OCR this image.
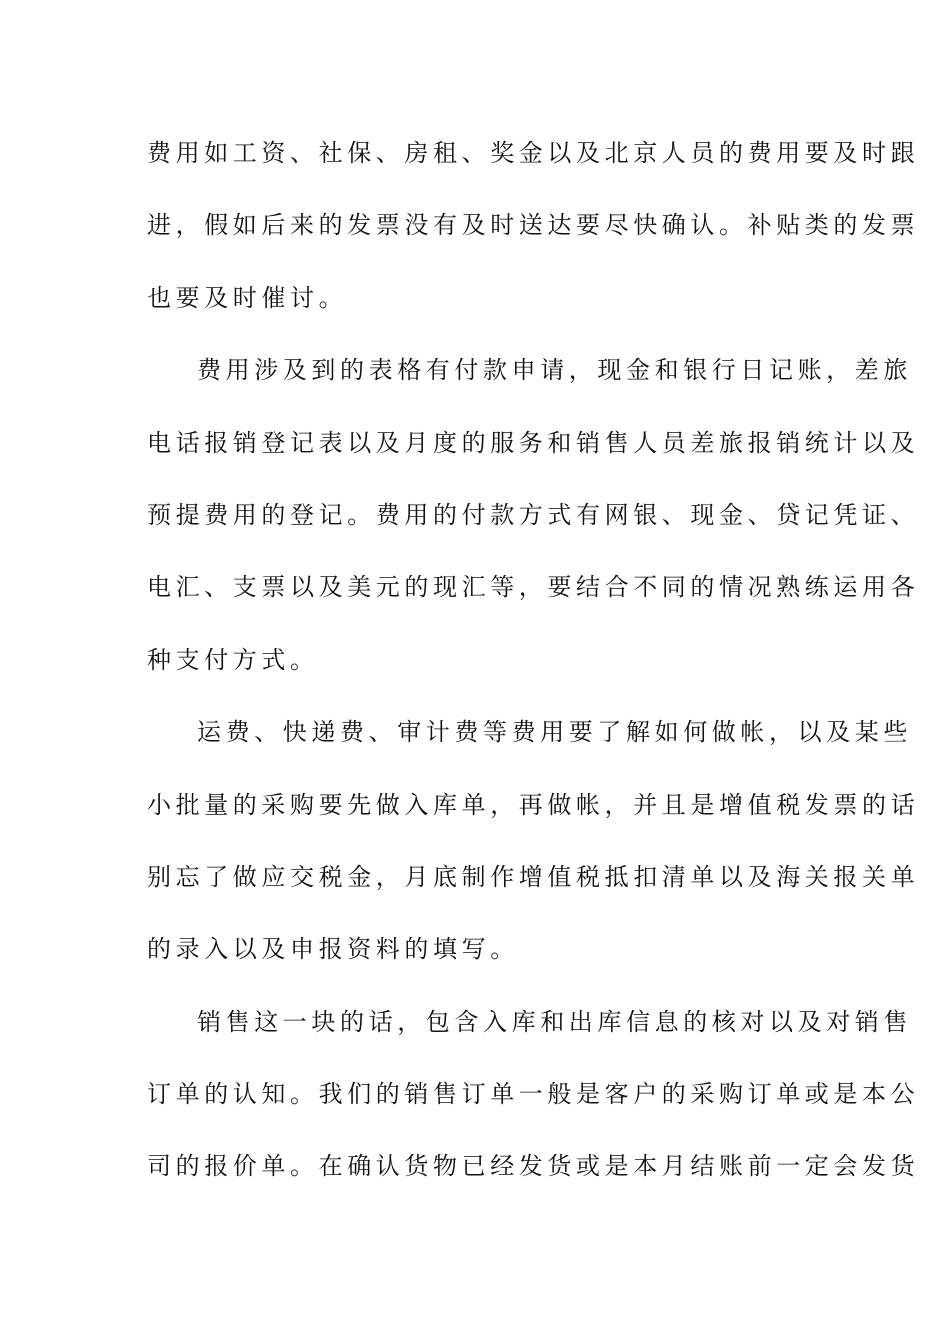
费用如工资、社保、房租、奖金以及北京人员的费用要及时跟
进，假如后来的发票没有及时送达要尽快确认。补贴类的发票
也要及时催讨。
费用涉及到的表格有付款申请，现金和银行日记账，差旅
电话报销登记表以及月度的服务和销售人员差旅报销统计以及
预提费用的登记。费用的付款方式有网银、现金、贷记凭证、
电汇、支票以及美元的现汇等，要结合不同的情况熟练运用各
种支付方式。
运费、快递费、审计费等费用要了解如何做帐，以及某些
小批量的采购要先做入库单，再做帐，并且是增值税发票的话
别忘了做应交税金，月底制作增值税抵扣清单以及海关报关单
的录入以及申报资料的填写。
销售这一块的话，包含入库和出库信息的核对以及对销售
订单的认知。我们的销售订单一般是客户的采购订单或是本公
司的报价单。在确认货物已经发货或是本月结账前一定会发货
